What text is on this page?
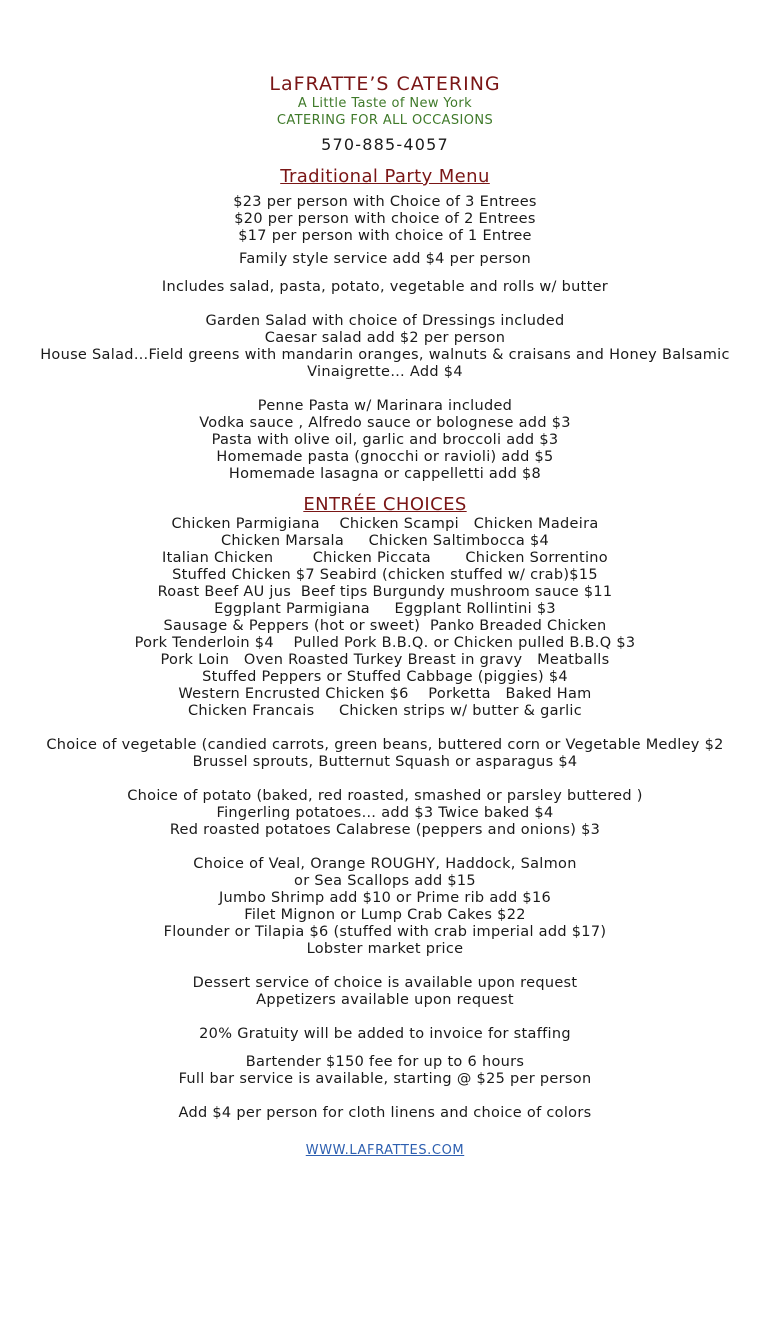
LaFRATTE’S CATERING
A Little Taste of New York
CATERING FOR ALL OCCASIONS
570-885-4057
Traditional Party Menu
$23 per person with Choice of 3 Entrees
$20 per person with choice of 2 Entrees
$17 per person with choice of 1 Entree
Family style service add $4 per person
Includes salad, pasta, potato, vegetable and rolls w/ butter
Garden Salad with choice of Dressings included
Caesar salad add $2 per person
House Salad…Field greens with mandarin oranges, walnuts & craisans and Honey Balsamic
Vinaigrette… Add $4
Penne Pasta w/ Marinara included
Vodka sauce , Alfredo sauce or bolognese add $3
Pasta with olive oil, garlic and broccoli add $3
Homemade pasta (gnocchi or ravioli) add $5
Homemade lasagna or cappelletti add $8
ENTRÉE CHOICES
Chicken Parmigiana    Chicken Scampi   Chicken Madeira
Chicken Marsala     Chicken Saltimbocca $4
Italian Chicken        Chicken Piccata       Chicken Sorrentino
Stuffed Chicken $7 Seabird (chicken stuffed w/ crab)$15
Roast Beef AU jus  Beef tips Burgundy mushroom sauce $11
Eggplant Parmigiana     Eggplant Rollintini $3
Sausage & Peppers (hot or sweet)  Panko Breaded Chicken
Pork Tenderloin $4    Pulled Pork B.B.Q. or Chicken pulled B.B.Q $3
Pork Loin   Oven Roasted Turkey Breast in gravy   Meatballs
Stuffed Peppers or Stuffed Cabbage (piggies) $4
Western Encrusted Chicken $6    Porketta   Baked Ham
Chicken Francais     Chicken strips w/ butter & garlic
Choice of vegetable (candied carrots, green beans, buttered corn or Vegetable Medley $2
Brussel sprouts, Butternut Squash or asparagus $4
Choice of potato (baked, red roasted, smashed or parsley buttered )
Fingerling potatoes… add $3 Twice baked $4
Red roasted potatoes Calabrese (peppers and onions) $3
Choice of Veal, Orange ROUGHY, Haddock, Salmon
or Sea Scallops add $15
Jumbo Shrimp add $10 or Prime rib add $16
Filet Mignon or Lump Crab Cakes $22
Flounder or Tilapia $6 (stuffed with crab imperial add $17)
Lobster market price
Dessert service of choice is available upon request
Appetizers available upon request
20% Gratuity will be added to invoice for staffing
Bartender $150 fee for up to 6 hours
Full bar service is available, starting @ $25 per person
Add $4 per person for cloth linens and choice of colors
WWW.LAFRATTES.COM
